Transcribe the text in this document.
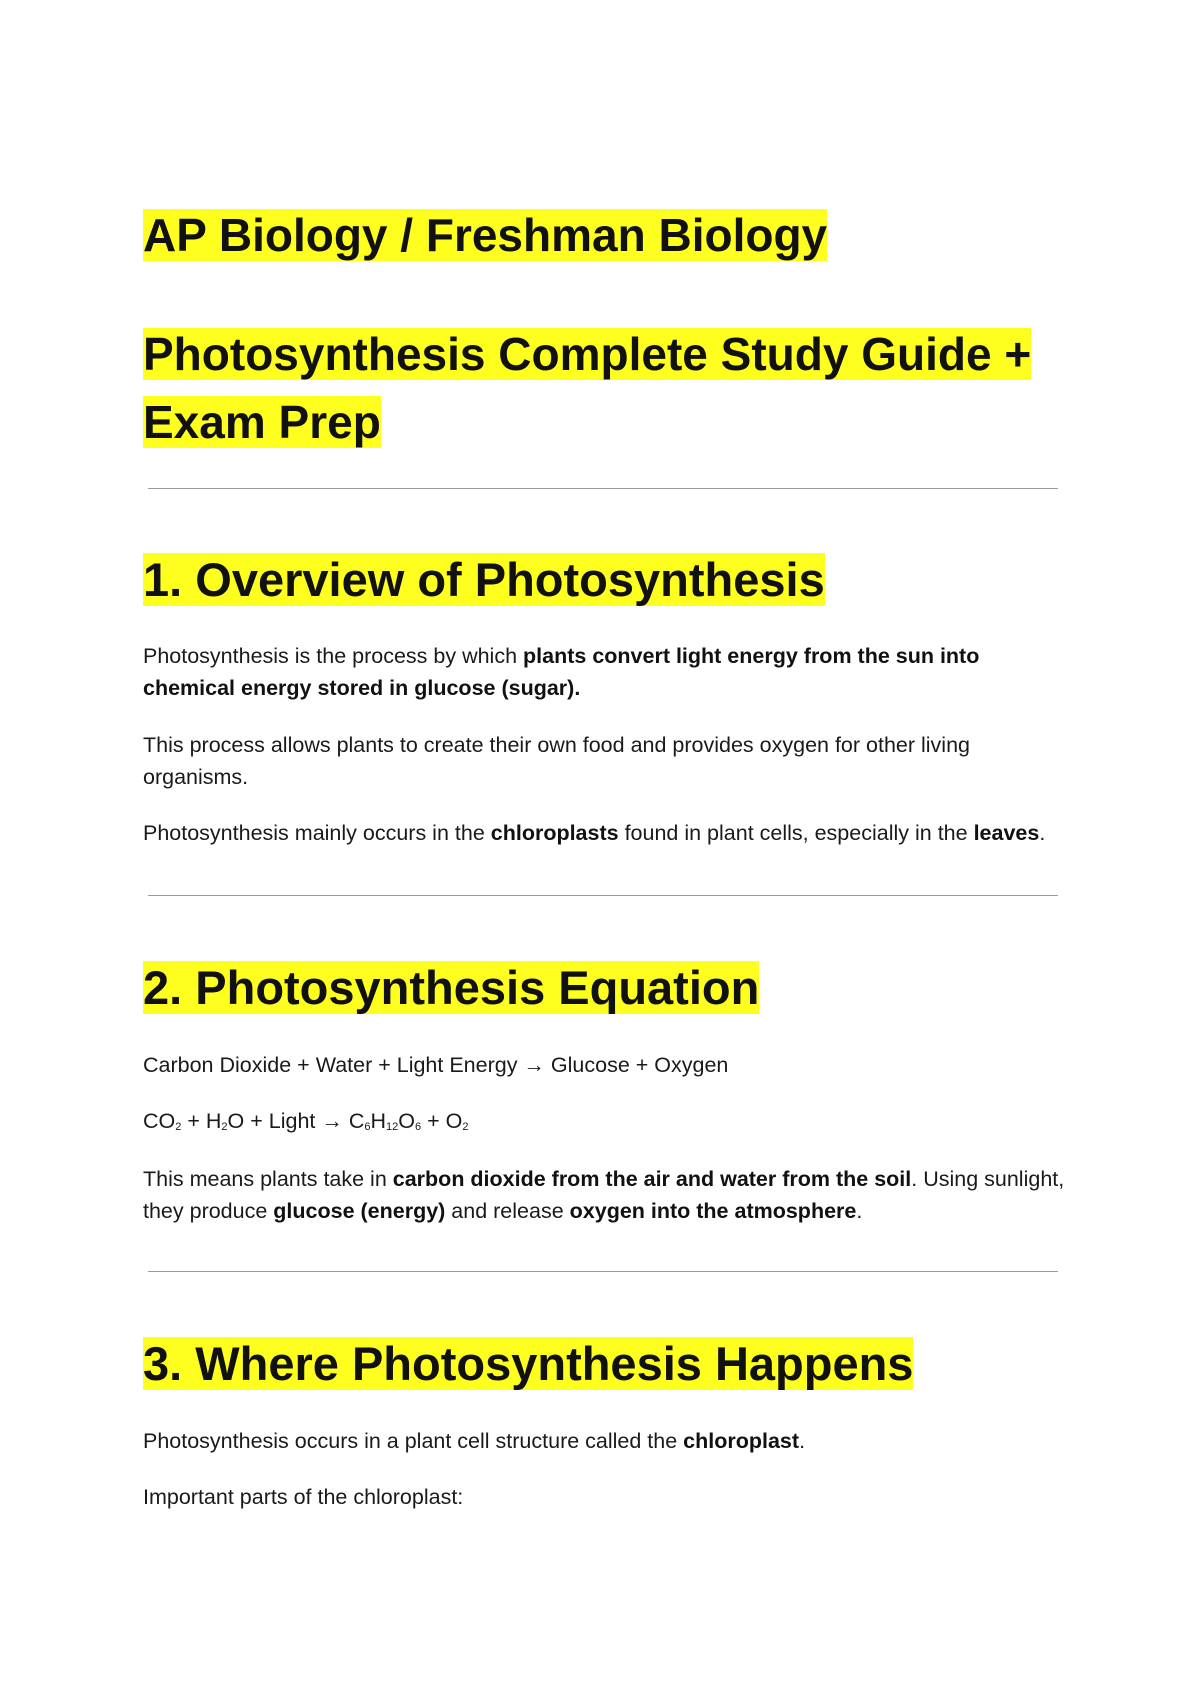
AP Biology / Freshman Biology
Photosynthesis Complete Study Guide + Exam Prep
1. Overview of Photosynthesis

Photosynthesis is the process by which plants convert light energy from the sun into chemical energy stored in glucose (sugar).

This process allows plants to create their own food and provides oxygen for other living organisms.

Photosynthesis mainly occurs in the chloroplasts found in plant cells, especially in the leaves.

2. Photosynthesis Equation

Carbon Dioxide + Water + Light Energy → Glucose + Oxygen

$CO_2 + H_2O$ + Light → $C_6H_{12}O_6 + O_2$

This means plants take in carbon dioxide from the air and water from the soil. Using sunlight, they produce glucose (energy) and release oxygen into the atmosphere.

3. Where Photosynthesis Happens

Photosynthesis occurs in a plant cell structure called the chloroplast.

Important parts of the chloroplast:
